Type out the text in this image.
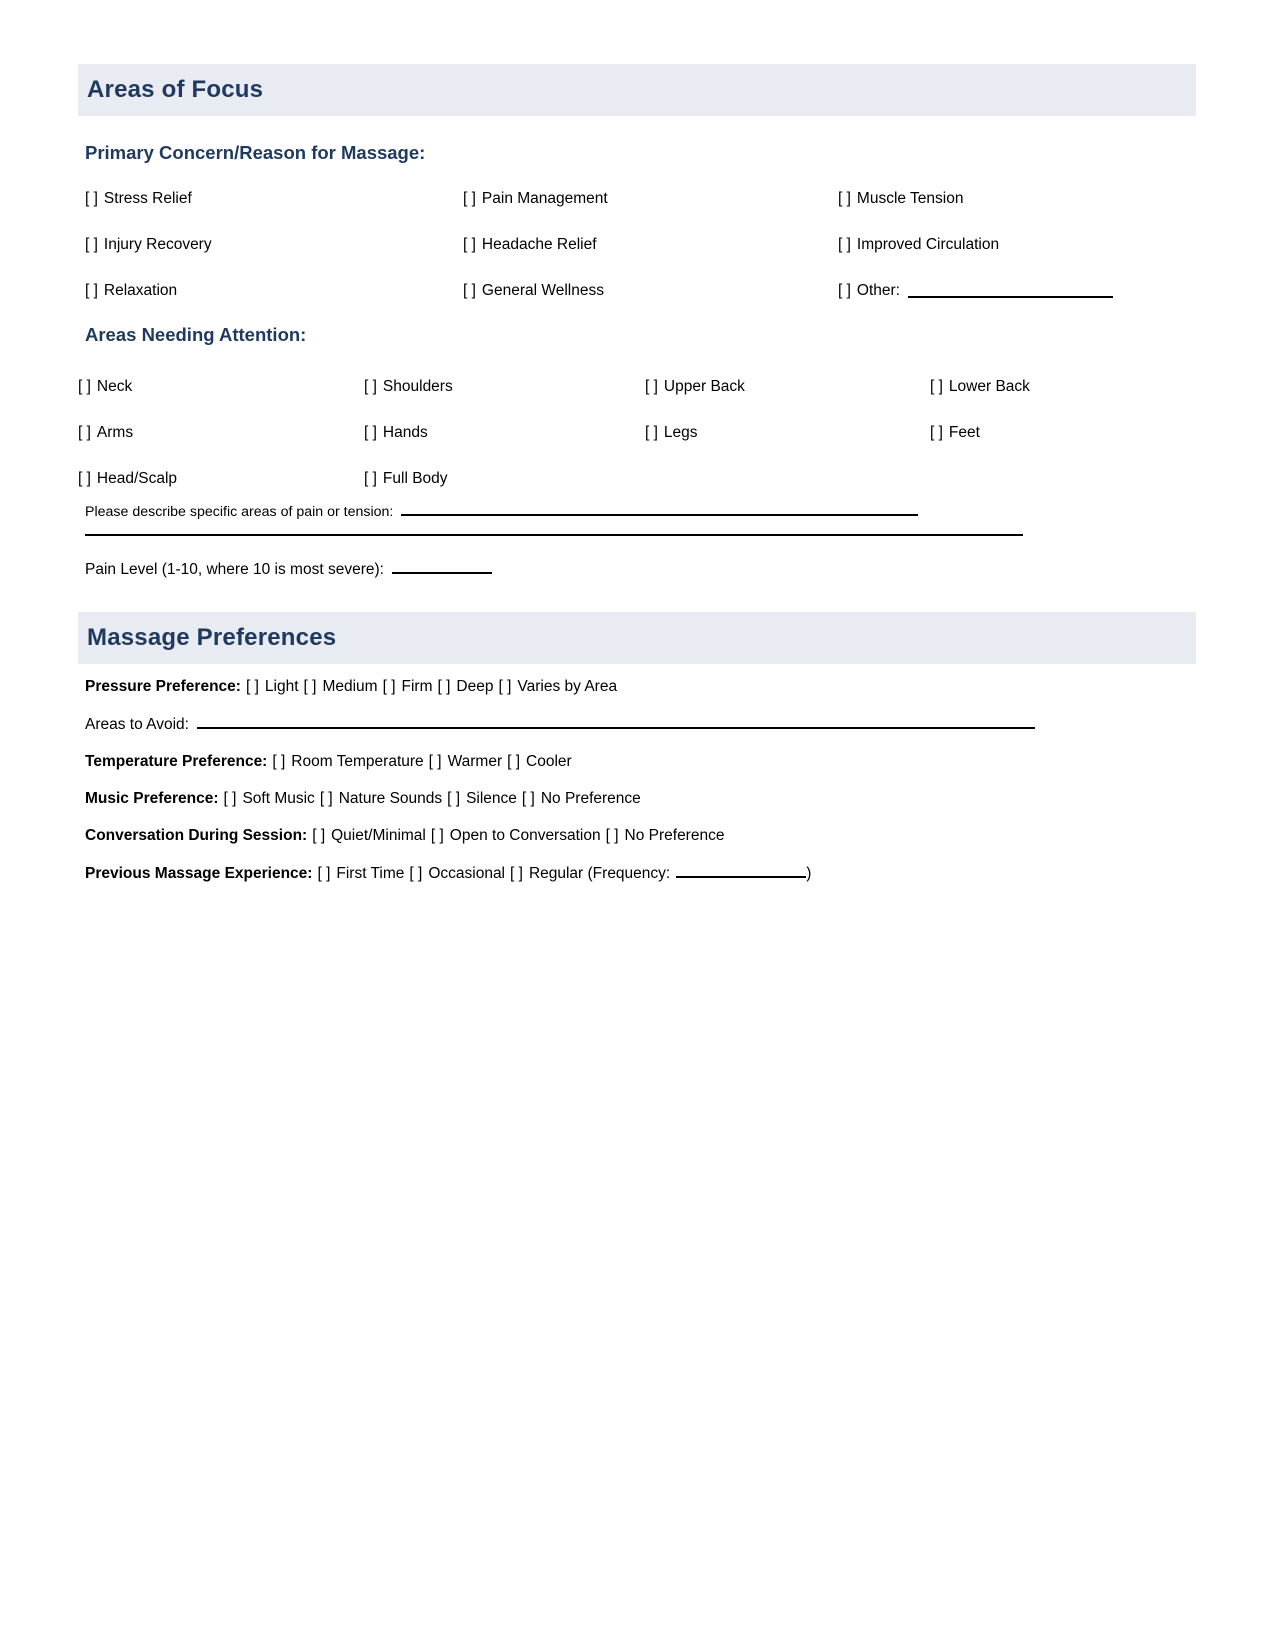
Areas of Focus
Primary Concern/Reason for Massage:
[ ] Stress Relief	[ ] Pain Management	[ ] Muscle Tension
[ ] Injury Recovery	[ ] Headache Relief	[ ] Improved Circulation
[ ] Relaxation	[ ] General Wellness	[ ] Other:
Areas Needing Attention:
[ ] Neck	[ ] Shoulders	[ ] Upper Back	[ ] Lower Back
[ ] Arms	[ ] Hands	[ ] Legs	[ ] Feet
[ ] Head/Scalp	[ ] Full Body
Please describe specific areas of pain or tension:
Pain Level (1-10, where 10 is most severe):
Massage Preferences
Pressure Preference: [ ] Light [ ] Medium [ ] Firm [ ] Deep [ ] Varies by Area
Areas to Avoid:
Temperature Preference: [ ] Room Temperature [ ] Warmer [ ] Cooler
Music Preference: [ ] Soft Music [ ] Nature Sounds [ ] Silence [ ] No Preference
Conversation During Session: [ ] Quiet/Minimal [ ] Open to Conversation [ ] No Preference
Previous Massage Experience: [ ] First Time [ ] Occasional [ ] Regular (Frequency:	)
